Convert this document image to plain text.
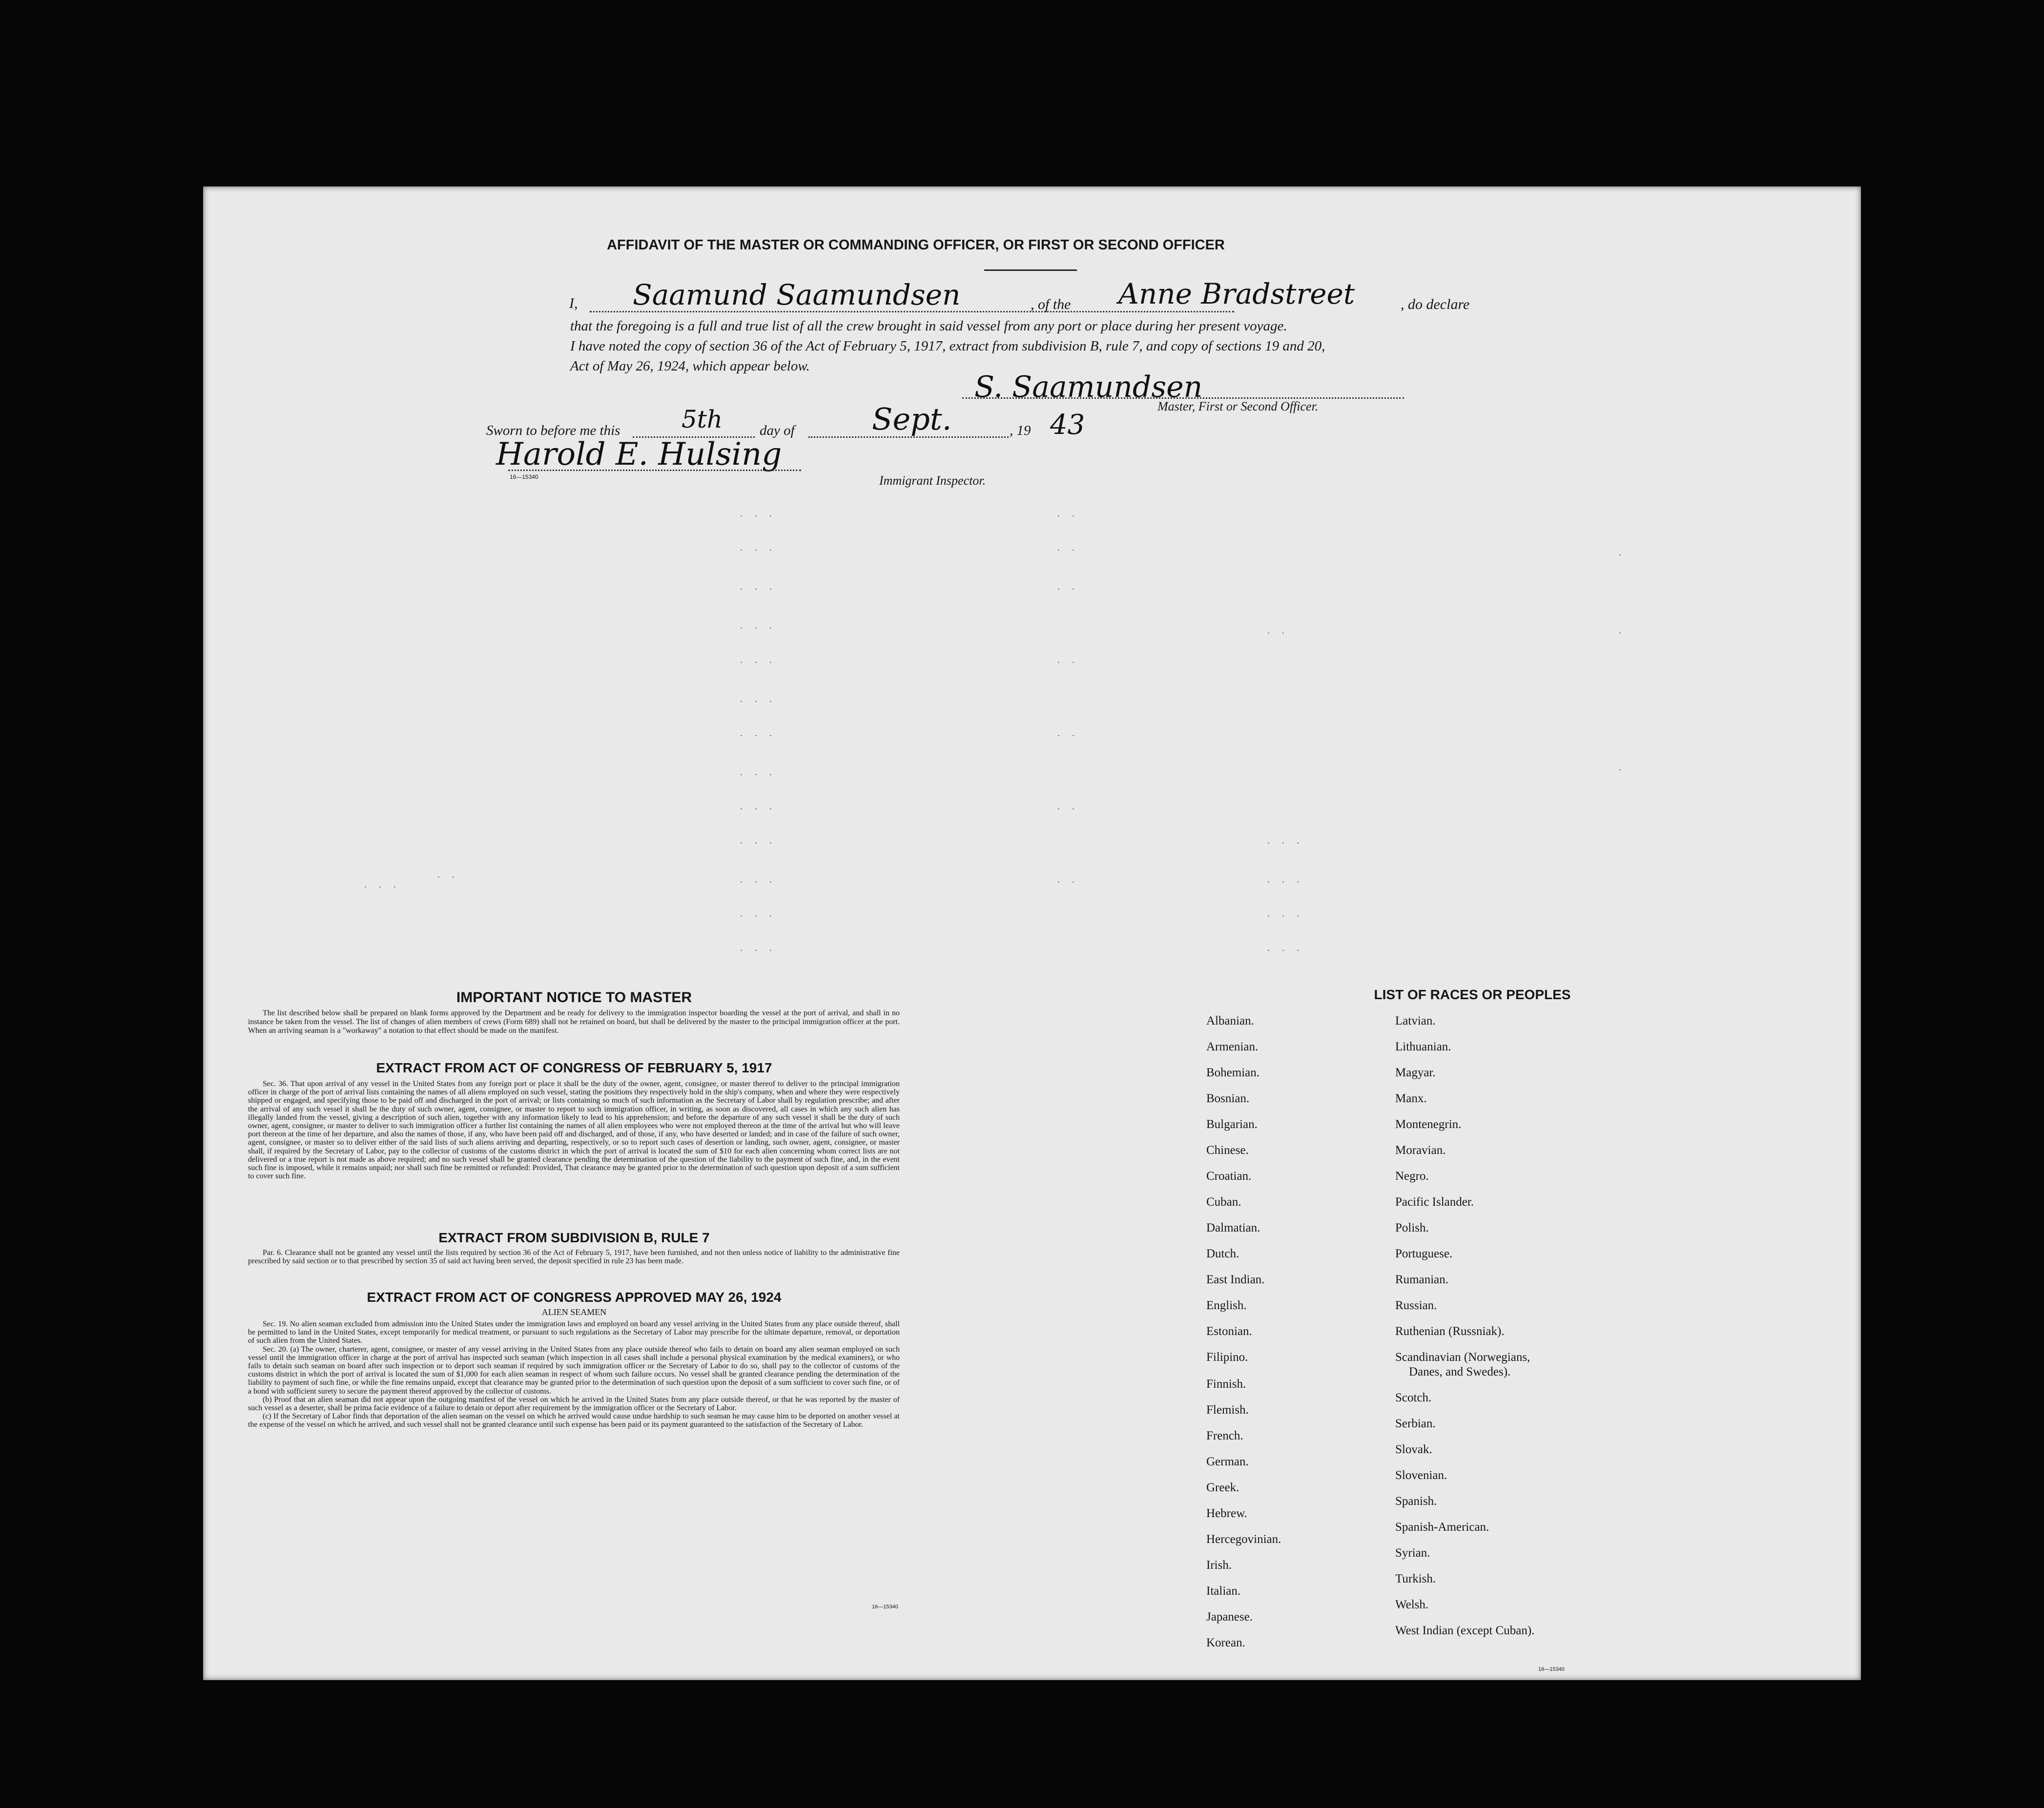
AFFIDAVIT OF THE MASTER OR COMMANDING OFFICER, OR FIRST OR SECOND OFFICER
I, Saamund Saamundsen	, of the Anne Bradstreet	, do declare
that the foregoing is a full and true list of all the crew brought in said vessel from any port or place during her present voyage.
I have noted the copy of section 36 of the Act of February 5, 1917, extract from subdivision B, rule 7, and copy of sections 19 and 20,
Act of May 26, 1924, which appear below.
S. Saamundsen
Master, First or Second Officer.
Sworn to before me this	5th	day of	Sept.	, 19 43
Harold E. Hulsing
16—15340	Immigrant Inspector.
. . .
. . .
. . .
. . .
. . .
. . .
. . .
. . .
. . .
. . .
. . .
. . .
. . .
. .
. .
. .
. .
. .
. .
. .
. .
. . .
. . .
. . .
. . .
.
.
.
. . .
. .
IMPORTANT NOTICE TO MASTER
The list described below shall be prepared on blank forms approved by the Department and be ready for delivery to the immigration inspector boarding the vessel at the port of arrival, and shall in no instance be taken from the vessel. The list of changes of alien members of crews (Form 689) shall not be retained on board, but shall be delivered by the master to the principal immigration officer at the port. When an arriving seaman is a "workaway" a notation to that effect should be made on the manifest.
EXTRACT FROM ACT OF CONGRESS OF FEBRUARY 5, 1917
Sec. 36. That upon arrival of any vessel in the United States from any foreign port or place it shall be the duty of the owner, agent, consignee, or master thereof to deliver to the principal immigration officer in charge of the port of arrival lists containing the names of all aliens employed on such vessel, stating the positions they respectively hold in the ship's company, when and where they were respectively shipped or engaged, and specifying those to be paid off and discharged in the port of arrival; or lists containing so much of such information as the Secretary of Labor shall by regulation prescribe; and after the arrival of any such vessel it shall be the duty of such owner, agent, consignee, or master to report to such immigration officer, in writing, as soon as discovered, all cases in which any such alien has illegally landed from the vessel, giving a description of such alien, together with any information likely to lead to his apprehension; and before the departure of any such vessel it shall be the duty of such owner, agent, consignee, or master to deliver to such immigration officer a further list containing the names of all alien employees who were not employed thereon at the time of the arrival but who will leave port thereon at the time of her departure, and also the names of those, if any, who have been paid off and discharged, and of those, if any, who have deserted or landed; and in case of the failure of such owner, agent, consignee, or master so to deliver either of the said lists of such aliens arriving and departing, respectively, or so to report such cases of desertion or landing, such owner, agent, consignee, or master shall, if required by the Secretary of Labor, pay to the collector of customs of the customs district in which the port of arrival is located the sum of $10 for each alien concerning whom correct lists are not delivered or a true report is not made as above required; and no such vessel shall be granted clearance pending the determination of the question of the liability to the payment of such fine, and, in the event such fine is imposed, while it remains unpaid; nor shall such fine be remitted or refunded: Provided, That clearance may be granted prior to the determination of such question upon deposit of a sum sufficient to cover such fine.
EXTRACT FROM SUBDIVISION B, RULE 7
Par. 6. Clearance shall not be granted any vessel until the lists required by section 36 of the Act of February 5, 1917, have been furnished, and not then unless notice of liability to the administrative fine prescribed by said section or to that prescribed by section 35 of said act having been served, the deposit specified in rule 23 has been made.
EXTRACT FROM ACT OF CONGRESS APPROVED MAY 26, 1924
ALIEN SEAMEN
Sec. 19. No alien seaman excluded from admission into the United States under the immigration laws and employed on board any vessel arriving in the United States from any place outside thereof, shall be permitted to land in the United States, except temporarily for medical treatment, or pursuant to such regulations as the Secretary of Labor may prescribe for the ultimate departure, removal, or deportation of such alien from the United States.
Sec. 20. (a) The owner, charterer, agent, consignee, or master of any vessel arriving in the United States from any place outside thereof who fails to detain on board any alien seaman employed on such vessel until the immigration officer in charge at the port of arrival has inspected such seaman (which inspection in all cases shall include a personal physical examination by the medical examiners), or who fails to detain such seaman on board after such inspection or to deport such seaman if required by such immigration officer or the Secretary of Labor to do so, shall pay to the collector of customs of the customs district in which the port of arrival is located the sum of $1,000 for each alien seaman in respect of whom such failure occurs. No vessel shall be granted clearance pending the determination of the liability to payment of such fine, or while the fine remains unpaid, except that clearance may be granted prior to the determination of such question upon the deposit of a sum sufficient to cover such fine, or of a bond with sufficient surety to secure the payment thereof approved by the collector of customs.
(b) Proof that an alien seaman did not appear upon the outgoing manifest of the vessel on which he arrived in the United States from any place outside thereof, or that he was reported by the master of such vessel as a deserter, shall be prima facie evidence of a failure to detain or deport after requirement by the immigration officer or the Secretary of Labor.
(c) If the Secretary of Labor finds that deportation of the alien seaman on the vessel on which he arrived would cause undue hardship to such seaman he may cause him to be deported on another vessel at the expense of the vessel on which he arrived, and such vessel shall not be granted clearance until such expense has been paid or its payment guaranteed to the satisfaction of the Secretary of Labor.
16—15340
LIST OF RACES OR PEOPLES
Albanian.
Armenian.
Bohemian.
Bosnian.
Bulgarian.
Chinese.
Croatian.
Cuban.
Dalmatian.
Dutch.
East Indian.
English.
Estonian.
Filipino.
Finnish.
Flemish.
French.
German.
Greek.
Hebrew.
Hercegovinian.
Irish.
Italian.
Japanese.
Korean.
Latvian.
Lithuanian.
Magyar.
Manx.
Montenegrin.
Moravian.
Negro.
Pacific Islander.
Polish.
Portuguese.
Rumanian.
Russian.
Ruthenian (Russniak).
Scandinavian (Norwegians,
Danes, and Swedes).
Scotch.
Serbian.
Slovak.
Slovenian.
Spanish.
Spanish-American.
Syrian.
Turkish.
Welsh.
West Indian (except Cuban).
16—15340
